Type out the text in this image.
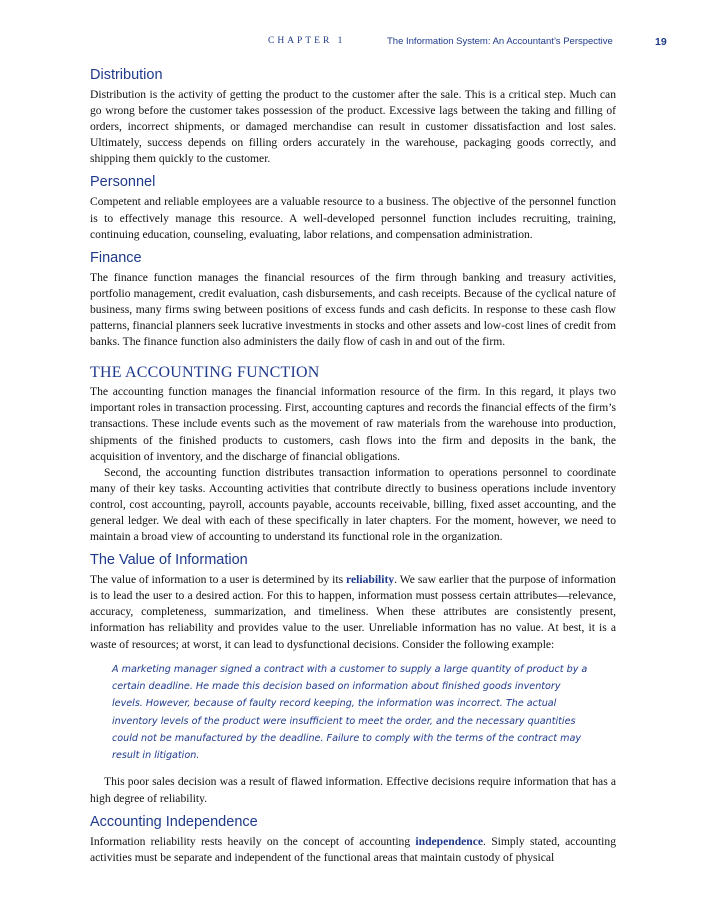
CHAPTER 1	The Information System: An Accountant’s Perspective	19
Distribution

Distribution is the activity of getting the product to the customer after the sale. This is a critical step. Much can go wrong before the customer takes possession of the product. Excessive lags between the taking and filling of orders, incorrect shipments, or damaged merchandise can result in customer dissatisfaction and lost sales. Ultimately, success depends on filling orders accurately in the warehouse, packaging goods correctly, and shipping them quickly to the customer.

Personnel

Competent and reliable employees are a valuable resource to a business. The objective of the personnel function is to effectively manage this resource. A well-developed personnel function includes recruiting, training, continuing education, counseling, evaluating, labor relations, and compensation administration.

Finance

The finance function manages the financial resources of the firm through banking and treasury activities, portfolio management, credit evaluation, cash disbursements, and cash receipts. Because of the cyclical nature of business, many firms swing between positions of excess funds and cash deficits. In response to these cash flow patterns, financial planners seek lucrative investments in stocks and other assets and low-cost lines of credit from banks. The finance function also administers the daily flow of cash in and out of the firm.

THE ACCOUNTING FUNCTION

The accounting function manages the financial information resource of the firm. In this regard, it plays two important roles in transaction processing. First, accounting captures and records the financial effects of the firm’s transactions. These include events such as the movement of raw materials from the warehouse into production, shipments of the finished products to customers, cash flows into the firm and deposits in the bank, the acquisition of inventory, and the discharge of financial obligations.

Second, the accounting function distributes transaction information to operations personnel to coordinate many of their key tasks. Accounting activities that contribute directly to business operations include inventory control, cost accounting, payroll, accounts payable, accounts receivable, billing, fixed asset accounting, and the general ledger. We deal with each of these specifically in later chapters. For the moment, however, we need to maintain a broad view of accounting to understand its functional role in the organization.

The Value of Information

The value of information to a user is determined by its reliability. We saw earlier that the purpose of information is to lead the user to a desired action. For this to happen, information must possess certain attributes—relevance, accuracy, completeness, summarization, and timeliness. When these attributes are consistently present, information has reliability and provides value to the user. Unreliable information has no value. At best, it is a waste of resources; at worst, it can lead to dysfunctional decisions. Consider the following example:

A marketing manager signed a contract with a customer to supply a large quantity of product by a certain deadline. He made this decision based on information about finished goods inventory levels. However, because of faulty record keeping, the information was incorrect. The actual inventory levels of the product were insufficient to meet the order, and the necessary quantities could not be manufactured by the deadline. Failure to comply with the terms of the contract may result in litigation.

This poor sales decision was a result of flawed information. Effective decisions require information that has a high degree of reliability.

Accounting Independence

Information reliability rests heavily on the concept of accounting independence. Simply stated, accounting activities must be separate and independent of the functional areas that maintain custody of physical
